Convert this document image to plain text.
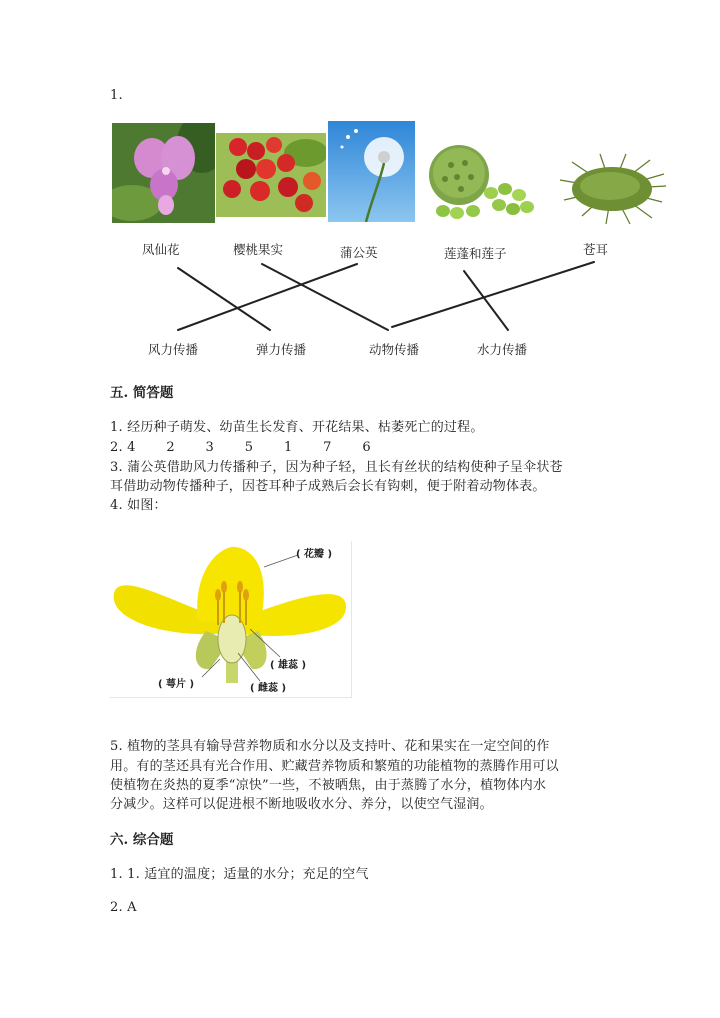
1.
凤仙花	樱桃果实	蒲公英	莲蓬和莲子	苍耳
风力传播	弹力传播	动物传播	水力传播
五. 简答题
1. 经历种子萌发、幼苗生长发育、开花结果、枯萎死亡的过程。
2. 4　　 2　　 3　　 5　　 1　　 7　　 6
3. 蒲公英借助风力传播种子，因为种子轻，且长有丝状的结构使种子呈伞状苍
耳借助动物传播种子，因苍耳种子成熟后会长有钩刺，便于附着动物体表。
4. 如图：
( 花瓣 )
( 雄蕊 )
( 萼片 )	( 雌蕊 )
5. 植物的茎具有输导营养物质和水分以及支持叶、花和果实在一定空间的作
用。有的茎还具有光合作用、贮藏营养物质和繁殖的功能植物的蒸腾作用可以
使植物在炎热的夏季“凉快”一些，不被晒焦，由于蒸腾了水分，植物体内水
分减少。这样可以促进根不断地吸收水分、养分，以使空气湿润。
六. 综合题
1. 1. 适宜的温度；适量的水分；充足的空气
2. A
